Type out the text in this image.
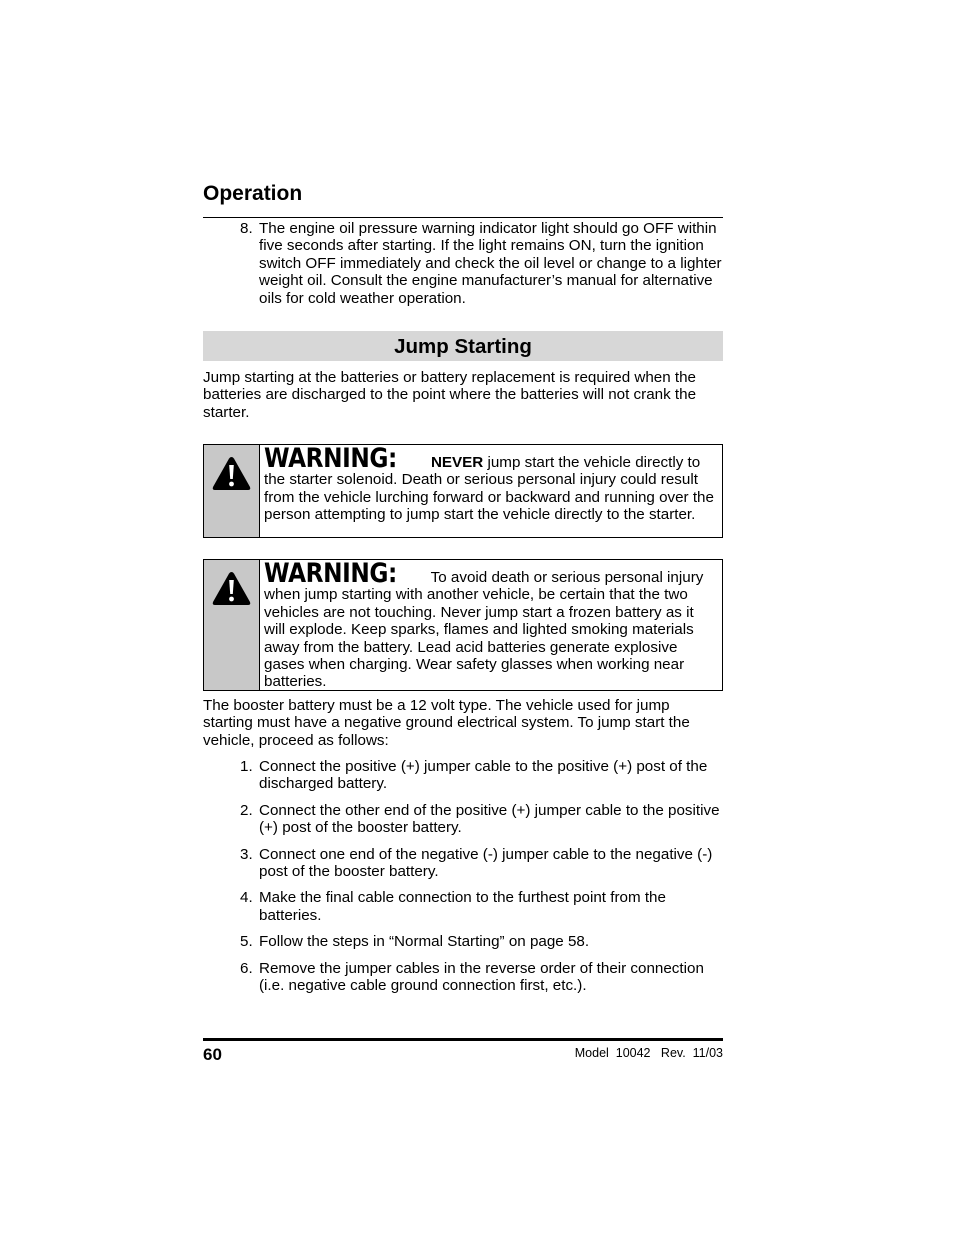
Operation
8. The engine oil pressure warning indicator light should go OFF within five seconds after starting. If the light remains ON, turn the ignition switch OFF immediately and check the oil level or change to a lighter weight oil. Consult the engine manufacturer’s manual for alternative oils for cold weather operation.
Jump Starting

Jump starting at the batteries or battery replacement is required when the batteries are discharged to the point where the batteries will not crank the starter.

WARNING: NEVER jump start the vehicle directly to the starter solenoid. Death or serious personal injury could result from the vehicle lurching forward or backward and running over the person attempting to jump start the vehicle directly to the starter.
WARNING: To avoid death or serious personal injury when jump starting with another vehicle, be certain that the two vehicles are not touching. Never jump start a frozen battery as it will explode. Keep sparks, flames and lighted smoking materials away from the battery. Lead acid batteries generate explosive gases when charging. Wear safety glasses when working near batteries.

The booster battery must be a 12 volt type. The vehicle used for jump starting must have a negative ground electrical system. To jump start the vehicle, proceed as follows:

1. Connect the positive (+) jumper cable to the positive (+) post of the discharged battery.
2. Connect the other end of the positive (+) jumper cable to the positive (+) post of the booster battery.
3. Connect one end of the negative (-) jumper cable to the negative (-) post of the booster battery.
4. Make the final cable connection to the furthest point from the batteries.
5. Follow the steps in “Normal Starting” on page 58.
6. Remove the jumper cables in the reverse order of their connection (i.e. negative cable ground connection first, etc.).
60	Model  10042   Rev.  11/03
